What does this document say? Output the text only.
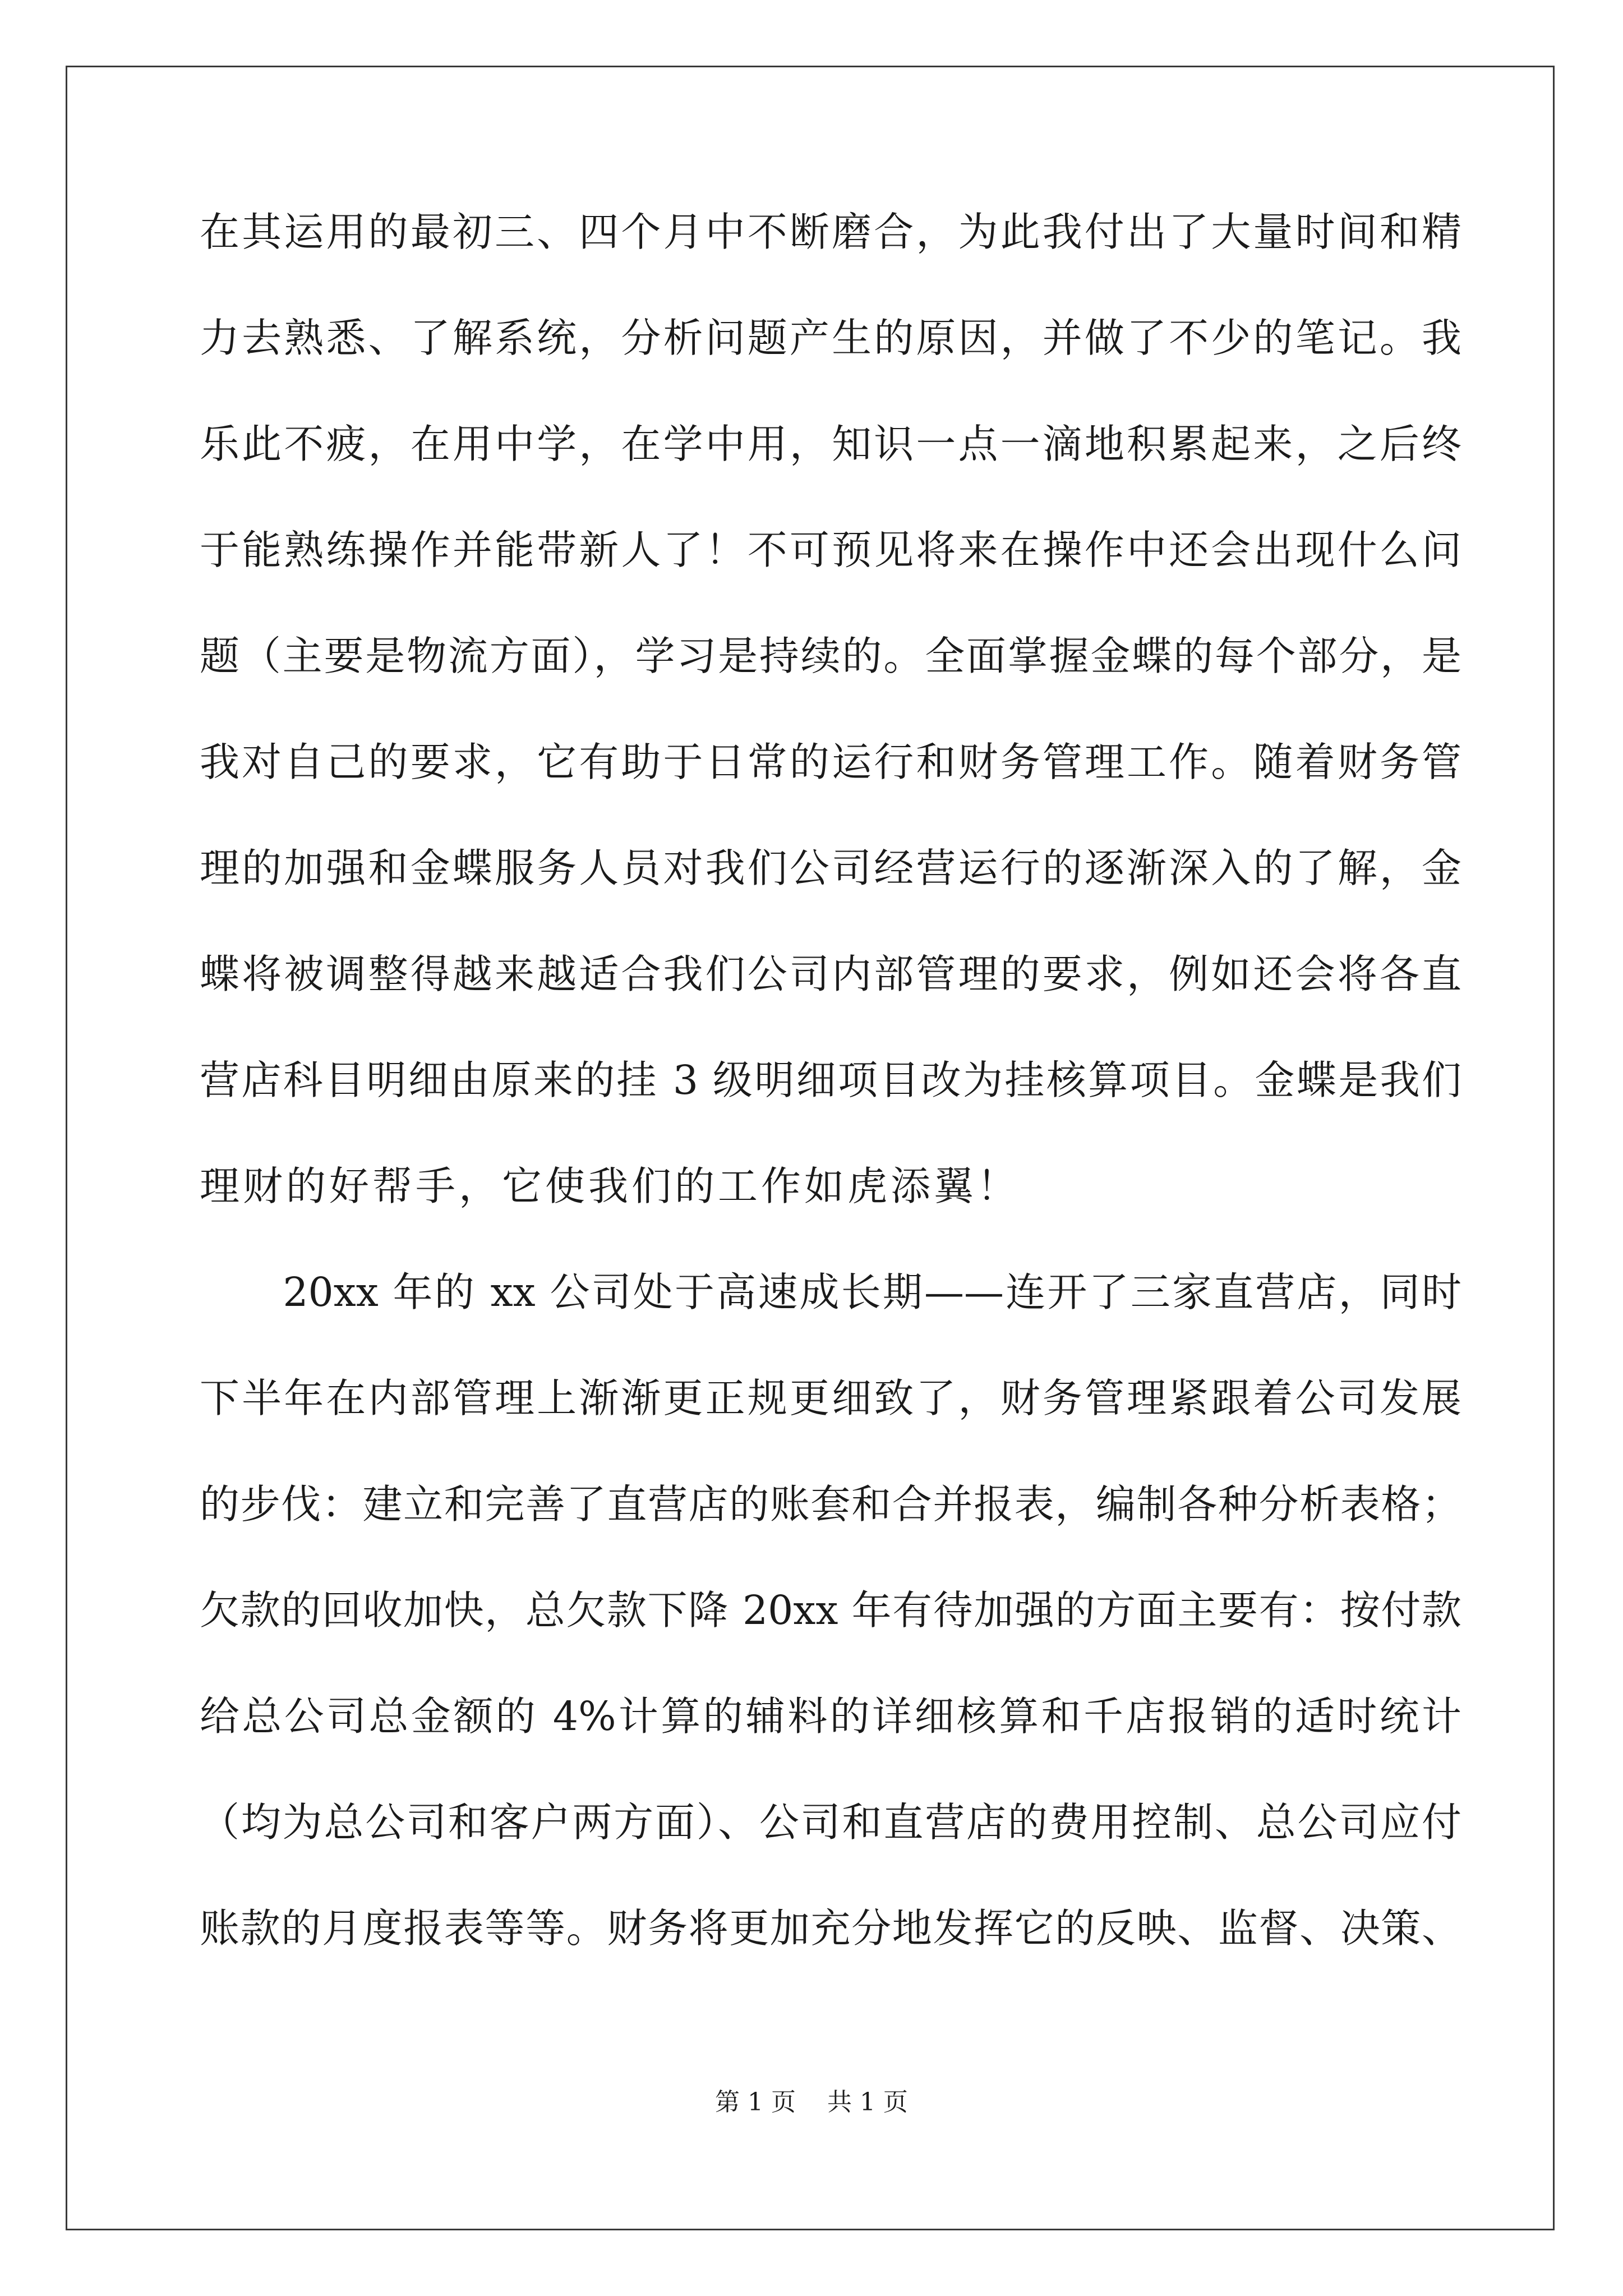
在其运用的最初三、四个月中不断磨合，为此我付出了大量时间和精
力去熟悉、了解系统，分析问题产生的原因，并做了不少的笔记。我
乐此不疲，在用中学，在学中用，知识一点一滴地积累起来，之后终
于能熟练操作并能带新人了！不可预见将来在操作中还会出现什么问
题（主要是物流方面），学习是持续的。全面掌握金蝶的每个部分，是
我对自己的要求，它有助于日常的运行和财务管理工作。随着财务管
理的加强和金蝶服务人员对我们公司经营运行的逐渐深入的了解，金
蝶将被调整得越来越适合我们公司内部管理的要求，例如还会将各直
营店科目明细由原来的挂 3 级明细项目改为挂核算项目。金蝶是我们
理财的好帮手，它使我们的工作如虎添翼！
　　20xx 年的 xx 公司处于高速成长期——连开了三家直营店，同时
下半年在内部管理上渐渐更正规更细致了，财务管理紧跟着公司发展
的步伐：建立和完善了直营店的账套和合并报表，编制各种分析表格；
欠款的回收加快，总欠款下降 20xx 年有待加强的方面主要有：按付款
给总公司总金额的 4%计算的辅料的详细核算和千店报销的适时统计
（均为总公司和客户两方面）、公司和直营店的费用控制、总公司应付
账款的月度报表等等。财务将更加充分地发挥它的反映、监督、决策、
第 1 页 共 1 页
